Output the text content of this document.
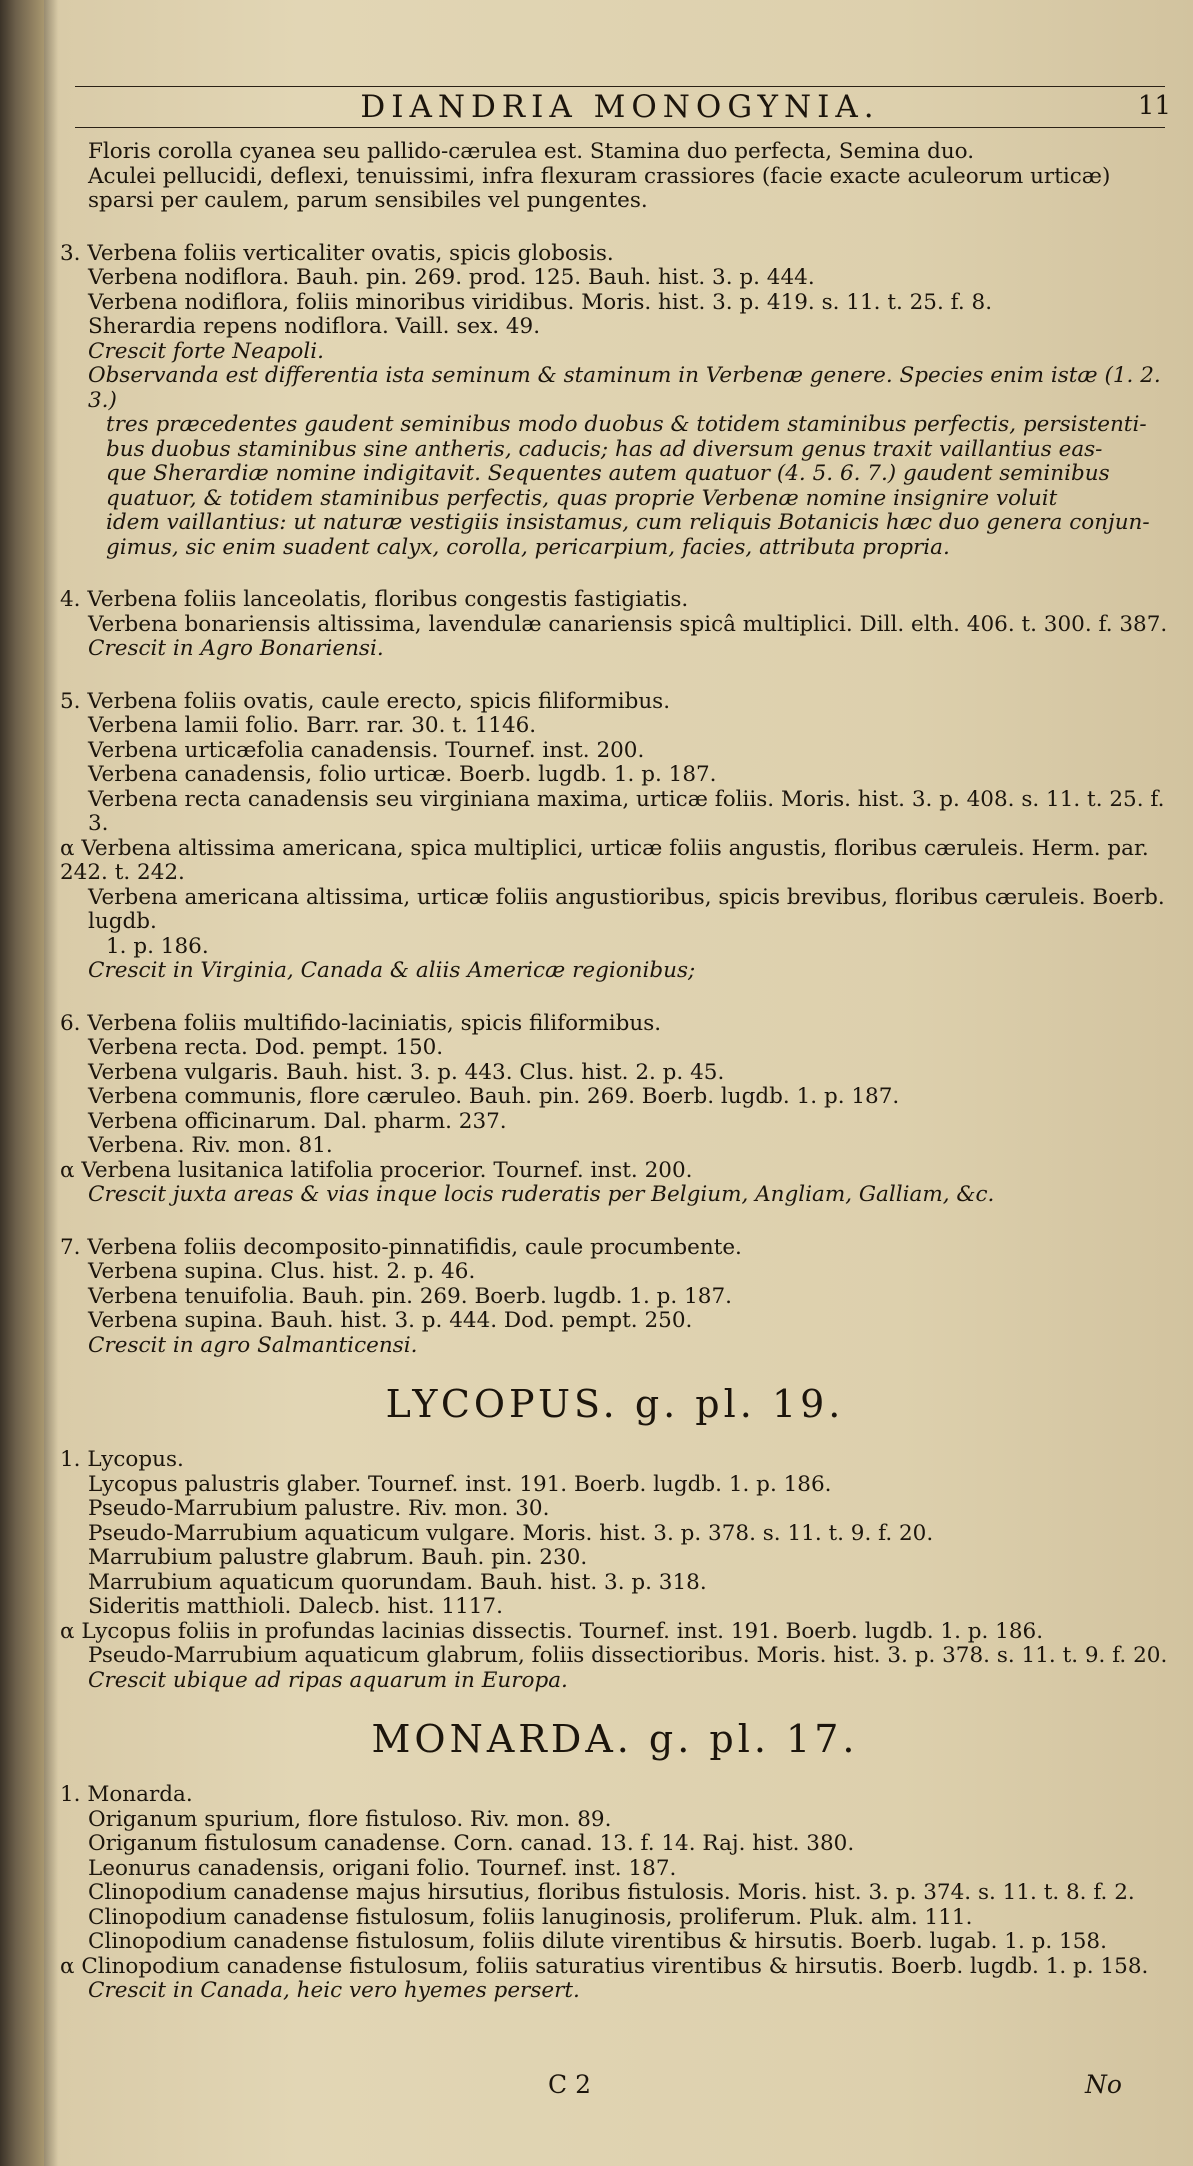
DIANDRIA MONOGYNIA.	11

Floris corolla cyanea seu pallido-cærulea est. Stamina duo perfecta, Semina duo.

Aculei pellucidi, deflexi, tenuissimi, infra flexuram crassiores (facie exacte aculeorum urticæ)

sparsi per caulem, parum sensibiles vel pungentes.

3. Verbena foliis verticaliter ovatis, spicis globosis.

Verbena nodiflora. Bauh. pin. 269. prod. 125. Bauh. hist. 3. p. 444.

Verbena nodiflora, foliis minoribus viridibus. Moris. hist. 3. p. 419. s. 11. t. 25. f. 8.

Sherardia repens nodiflora. Vaill. sex. 49.

Crescit forte Neapoli.

Observanda est differentia ista seminum & staminum in Verbenæ genere. Species enim istæ (1. 2. 3.)

tres præcedentes gaudent seminibus modo duobus & totidem staminibus perfectis, persistenti-

bus duobus staminibus sine antheris, caducis; has ad diversum genus traxit vaillantius eas-

que Sherardiæ nomine indigitavit. Sequentes autem quatuor (4. 5. 6. 7.) gaudent seminibus

quatuor, & totidem staminibus perfectis, quas proprie Verbenæ nomine insignire voluit

idem vaillantius: ut naturæ vestigiis insistamus, cum reliquis Botanicis hæc duo genera conjun-

gimus, sic enim suadent calyx, corolla, pericarpium, facies, attributa propria.

4. Verbena foliis lanceolatis, floribus congestis fastigiatis.

Verbena bonariensis altissima, lavendulæ canariensis spicâ multiplici. Dill. elth. 406. t. 300. f. 387.

Crescit in Agro Bonariensi.

5. Verbena foliis ovatis, caule erecto, spicis filiformibus.

Verbena lamii folio. Barr. rar. 30. t. 1146.

Verbena urticæfolia canadensis. Tournef. inst. 200.

Verbena canadensis, folio urticæ. Boerb. lugdb. 1. p. 187.

Verbena recta canadensis seu virginiana maxima, urticæ foliis. Moris. hist. 3. p. 408. s. 11. t. 25. f. 3.

α Verbena altissima americana, spica multiplici, urticæ foliis angustis, floribus cæruleis. Herm. par. 242. t. 242.

Verbena americana altissima, urticæ foliis angustioribus, spicis brevibus, floribus cæruleis. Boerb. lugdb.

1. p. 186.

Crescit in Virginia, Canada & aliis Americæ regionibus;

6. Verbena foliis multifido-laciniatis, spicis filiformibus.

Verbena recta. Dod. pempt. 150.

Verbena vulgaris. Bauh. hist. 3. p. 443. Clus. hist. 2. p. 45.

Verbena communis, flore cæruleo. Bauh. pin. 269. Boerb. lugdb. 1. p. 187.

Verbena officinarum. Dal. pharm. 237.

Verbena. Riv. mon. 81.

α Verbena lusitanica latifolia procerior. Tournef. inst. 200.

Crescit juxta areas & vias inque locis ruderatis per Belgium, Angliam, Galliam, &c.

7. Verbena foliis decomposito-pinnatifidis, caule procumbente.

Verbena supina. Clus. hist. 2. p. 46.

Verbena tenuifolia. Bauh. pin. 269. Boerb. lugdb. 1. p. 187.

Verbena supina. Bauh. hist. 3. p. 444. Dod. pempt. 250.

Crescit in agro Salmanticensi.

LYCOPUS. g. pl. 19.

1. Lycopus.

Lycopus palustris glaber. Tournef. inst. 191. Boerb. lugdb. 1. p. 186.

Pseudo-Marrubium palustre. Riv. mon. 30.

Pseudo-Marrubium aquaticum vulgare. Moris. hist. 3. p. 378. s. 11. t. 9. f. 20.

Marrubium palustre glabrum. Bauh. pin. 230.

Marrubium aquaticum quorundam. Bauh. hist. 3. p. 318.

Sideritis matthioli. Dalecb. hist. 1117.

α Lycopus foliis in profundas lacinias dissectis. Tournef. inst. 191. Boerb. lugdb. 1. p. 186.

Pseudo-Marrubium aquaticum glabrum, foliis dissectioribus. Moris. hist. 3. p. 378. s. 11. t. 9. f. 20.

Crescit ubique ad ripas aquarum in Europa.

MONARDA. g. pl. 17.

1. Monarda.

Origanum spurium, flore fistuloso. Riv. mon. 89.

Origanum fistulosum canadense. Corn. canad. 13. f. 14. Raj. hist. 380.

Leonurus canadensis, origani folio. Tournef. inst. 187.

Clinopodium canadense majus hirsutius, floribus fistulosis. Moris. hist. 3. p. 374. s. 11. t. 8. f. 2.

Clinopodium canadense fistulosum, foliis lanuginosis, proliferum. Pluk. alm. 111.

Clinopodium canadense fistulosum, foliis dilute virentibus & hirsutis. Boerb. lugab. 1. p. 158.

α Clinopodium canadense fistulosum, foliis saturatius virentibus & hirsutis. Boerb. lugdb. 1. p. 158.

Crescit in Canada, heic vero hyemes persert.

C 2	No
